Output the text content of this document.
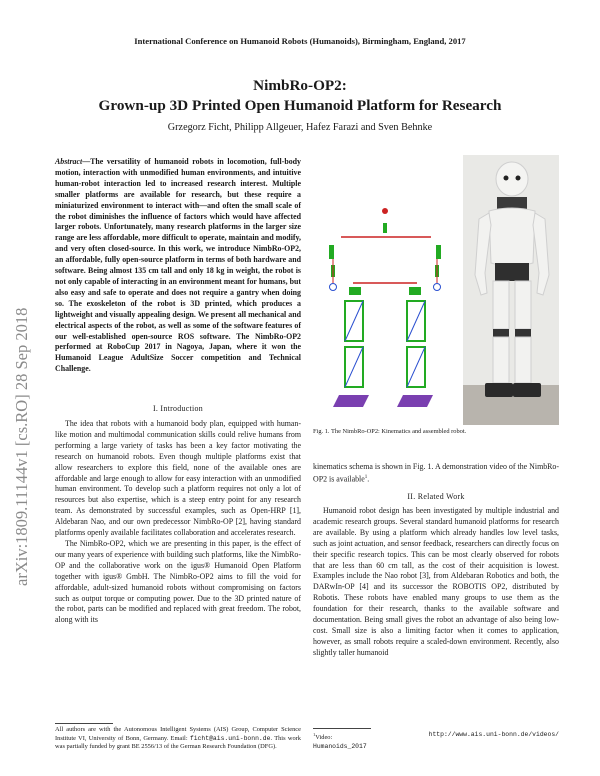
International Conference on Humanoid Robots (Humanoids), Birmingham, England, 2017
NimbRo-OP2:
Grown-up 3D Printed Open Humanoid Platform for Research
Grzegorz Ficht, Philipp Allgeuer, Hafez Farazi and Sven Behnke
arXiv:1809.11144v1 [cs.RO] 28 Sep 2018
Abstract—The versatility of humanoid robots in locomotion, full-body motion, interaction with unmodified human environments, and intuitive human-robot interaction led to increased research interest. Multiple smaller platforms are available for research, but these require a miniaturized environment to interact with—and often the small scale of the robot diminishes the influence of factors which would have affected larger robots. Unfortunately, many research platforms in the larger size range are less affordable, more difficult to operate, maintain and modify, and very often closed-source. In this work, we introduce NimbRo-OP2, an affordable, fully open-source platform in terms of both hardware and software. Being almost 135 cm tall and only 18 kg in weight, the robot is not only capable of interacting in an environment meant for humans, but also easy and safe to operate and does not require a gantry when doing so. The exoskeleton of the robot is 3D printed, which produces a lightweight and visually appealing design. We present all mechanical and electrical aspects of the robot, as well as some of the software features of our well-established open-source ROS software. The NimbRo-OP2 performed at RoboCup 2017 in Nagoya, Japan, where it won the Humanoid League AdultSize Soccer competition and Technical Challenge.
I. Introduction
The idea that robots with a humanoid body plan, equipped with human-like motion and multimodal communication skills could relive humans from performing a large variety of tasks has been a key factor motivating the research on humanoid robots. Even though multiple platforms exist that allow researchers to explore this field, none of the available ones are affordable and large enough to allow for easy interaction with an unmodified human environment. To develop such a platform requires not only a lot of resources but also expertise, which is a steep entry point for any research team. As demonstrated by successful examples, such as Open-HRP [1], Aldebaran Nao, and our own predecessor NimbRo-OP [2], having standard platforms openly available facilitates collaboration and accelerates research.
The NimbRo-OP2, which we are presenting in this paper, is the effect of our many years of experience with building such platforms, like the NimbRo-OP and the collaborative work on the igus® Humanoid Open Platform together with igus® GmbH. The NimbRo-OP2 aims to fill the void for affordable, adult-sized humanoid robots without compromising on factors such as output torque or computing power. Due to the 3D printed nature of the robot, parts can be modified and replaced with great freedom. The robot, along with its
All authors are with the Autonomous Intelligent Systems (AIS) Group, Computer Science Institute VI, University of Bonn, Germany. Email: ficht@ais.uni-bonn.de. This work was partially funded by grant BE 2556/13 of the German Research Foundation (DFG).
Fig. 1. The NimbRo-OP2: Kinematics and assembled robot.
kinematics schema is shown in Fig. 1. A demonstration video of the NimbRo-OP2 is available$^1$.
II. Related Work
Humanoid robot design has been investigated by multiple industrial and academic research groups. Several standard humanoid platforms for research are available. By using a platform which already handles low level tasks, such as joint actuation, and sensor feedback, researchers can directly focus on their specific research topics. This can be most clearly observed for robots that are less than 60 cm tall, as the cost of their acquisition is lowest. Examples include the Nao robot [3], from Aldebaran Robotics and both, the DARwIn-OP [4] and its successor the ROBOTIS OP2, distributed by Robotis. These robots have enabled many groups to use them as the foundation for their research, thanks to the available software and documentation. Being small gives the robot an advantage of also being low-cost. Small size is also a limiting factor when it comes to application, however, as small robots require a scaled-down environment. Recently, also slightly taller humanoid
$^1$Video:	http://www.ais.uni-bonn.de/videos/
Humanoids_2017
